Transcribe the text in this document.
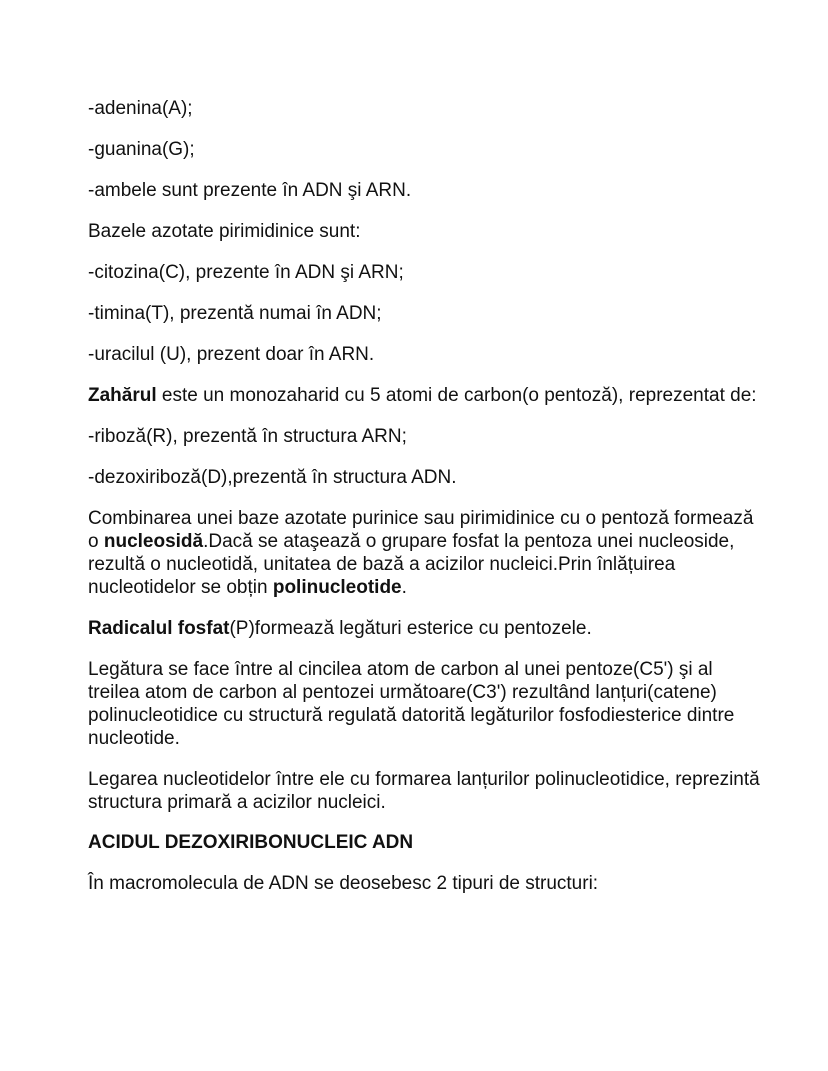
-adenina(A);

-guanina(G);

-ambele sunt prezente în ADN şi ARN.

Bazele azotate pirimidinice sunt:

-citozina(C), prezente în ADN şi ARN;

-timina(T), prezentă numai în ADN;

-uracilul (U), prezent doar în ARN.

Zahărul este un monozaharid cu 5 atomi de carbon(o pentoză), reprezentat de:

-riboză(R), prezentă în structura ARN;

-dezoxiriboză(D),prezentă în structura ADN.

Combinarea unei baze azotate purinice sau pirimidinice cu o pentoză formează o nucleosidă.Dacă se ataşează o grupare fosfat la pentoza unei nucleoside, rezultă o nucleotidă, unitatea de bază a acizilor nucleici.Prin înlățuirea nucleotidelor se obțin polinucleotide.

Radicalul fosfat(P)formează legături esterice cu pentozele.

Legătura se face între al cincilea atom de carbon al unei pentoze(C5') şi al treilea atom de carbon al pentozei următoare(C3') rezultând lanțuri(catene) polinucleotidice cu structură regulată datorită legăturilor fosfodiesterice dintre nucleotide.

Legarea nucleotidelor între ele cu formarea lanțurilor polinucleotidice, reprezintă structura primară a acizilor nucleici.

ACIDUL DEZOXIRIBONUCLEIC ADN

În macromolecula de ADN se deosebesc 2 tipuri de structuri:
